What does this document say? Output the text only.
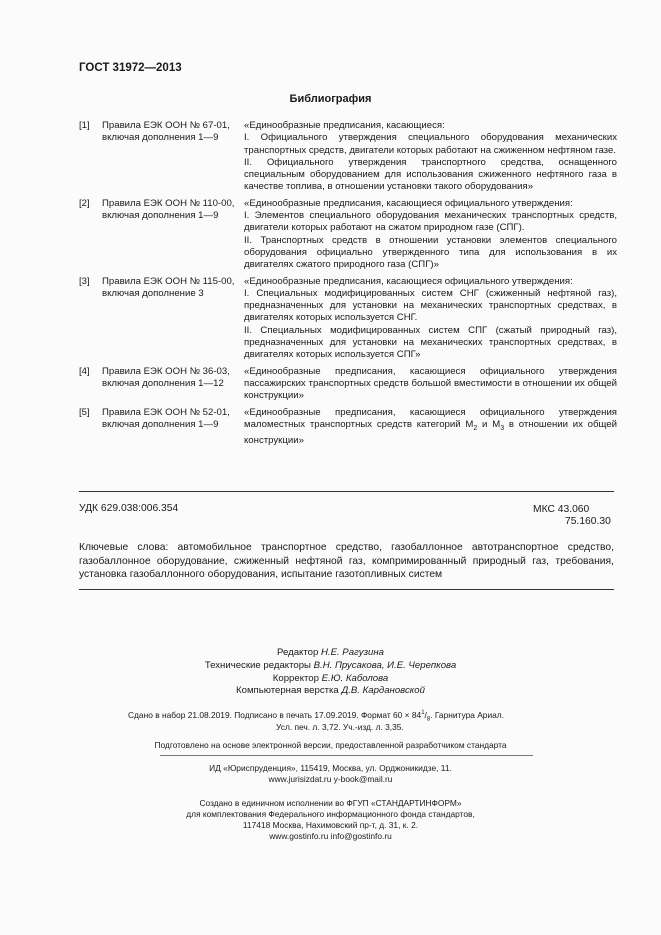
ГОСТ 31972—2013
Библиография
[1]	Правила ЕЭК ООН № 67-01, включая дополнения 1—9

«Единообразные предписания, касающиеся:

I. Официального утверждения специального оборудования механических транспортных средств, двигатели которых работают на сжиженном нефтяном газе.

II. Официального утверждения транспортного средства, оснащенного специальным оборудованием для использования сжиженного нефтяного газа в качестве топлива, в отношении установки такого оборудования»

[2]	Правила ЕЭК ООН № 110-00, включая дополнения 1—9

«Единообразные предписания, касающиеся официального утверждения:

I. Элементов специального оборудования механических транспортных средств, двигатели которых работают на сжатом природном газе (СПГ).

II. Транспортных средств в отношении установки элементов специального оборудования официально утвержденного типа для использования в их двигателях сжатого природного газа (СПГ)»

[3]	Правила ЕЭК ООН № 115-00, включая дополнение 3

«Единообразные предписания, касающиеся официального утверждения:

I. Специальных модифицированных систем СНГ (сжиженный нефтяной газ), предназначенных для установки на механических транспортных средствах, в двигателях которых используется СНГ.

II. Специальных модифицированных систем СПГ (сжатый природный газ), предназначенных для установки на механических транспортных средствах, в двигателях которых используется СПГ»

[4]	Правила ЕЭК ООН № 36-03, включая дополнения 1—12

«Единообразные предписания, касающиеся официального утверждения пассажирских транспортных средств большой вместимости в отношении их общей конструкции»

[5]	Правила ЕЭК ООН № 52-01, включая дополнения 1—9
«Единообразные предписания, касающиеся официального утверждения маломестных транспортных средств категорий $M_2$ и $M_3$ в отношении их общей конструкции»
УДК 629.038:006.354	МКС 43.060
75.160.30
Ключевые слова: автомобильное транспортное средство, газобаллонное автотранспортное средство, газобаллонное оборудование, сжиженный нефтяной газ, компримированный природный газ, требования, установка газобаллонного оборудования, испытание газотопливных систем
Редактор Н.Е. Рагузина
Технические редакторы В.Н. Прусакова, И.Е. Черепкова
Корректор Е.Ю. Каболова
Компьютерная верстка Д.В. Кардановской
Сдано в набор 21.08.2019. Подписано в печать 17.09.2019. Формат $60 \times 84^1/_8$. Гарнитура Ариал.
Усл. печ. л. 3,72. Уч.-изд. л. 3,35.
Подготовлено на основе электронной версии, предоставленной разработчиком стандарта
ИД «Юриспруденция», 115419, Москва, ул. Орджоникидзе, 11.
www.jurisizdat.ru y-book@mail.ru
Создано в единичном исполнении во ФГУП «СТАНДАРТИНФОРМ»
для комплектования Федерального информационного фонда стандартов,
117418 Москва, Нахимовский пр-т, д. 31, к. 2.
www.gostinfo.ru info@gostinfo.ru
